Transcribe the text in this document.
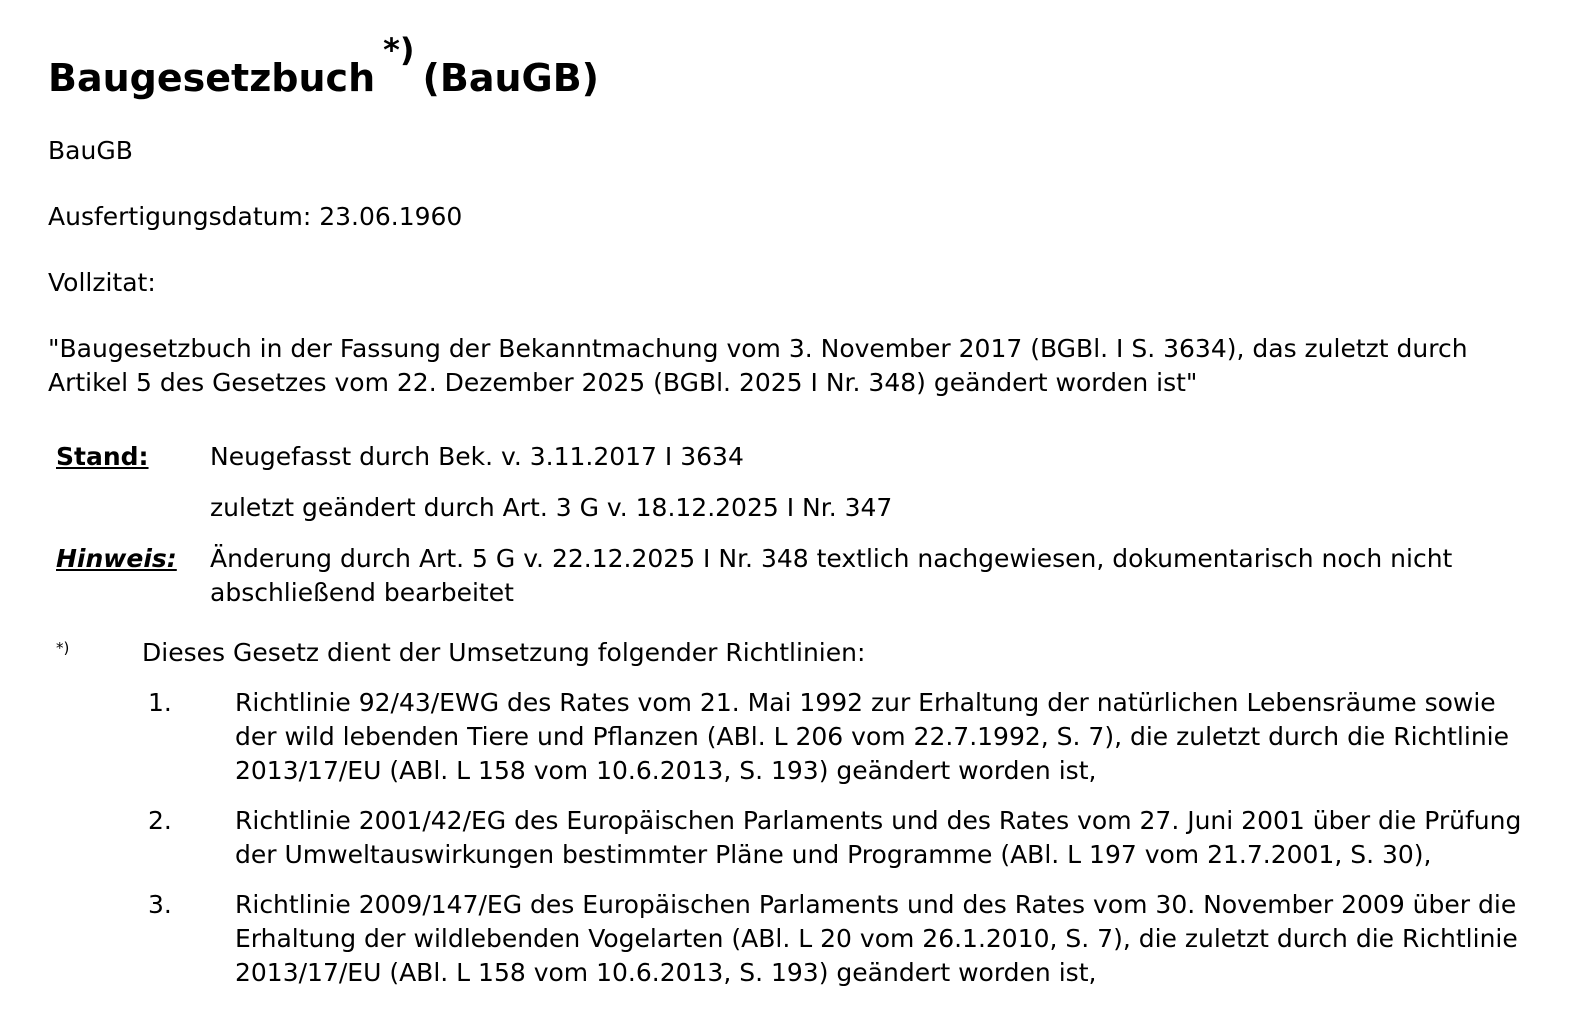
Baugesetzbuch*)(BauGB)

BauGB

Ausfertigungsdatum: 23.06.1960

Vollzitat:

"Baugesetzbuch in der Fassung der Bekanntmachung vom 3. November 2017 (BGBl. I S. 3634), das zuletzt durch Artikel 5 des Gesetzes vom 22. Dezember 2025 (BGBl. 2025 I Nr. 348) geändert worden ist"

Stand:	Neugefasst durch Bek. v. 3.11.2017 I 3634
	zuletzt geändert durch Art. 3 G v. 18.12.2025 I Nr. 347
Hinweis:	Änderung durch Art. 5 G v. 22.12.2025 I Nr. 348 textlich nachgewiesen, dokumentarisch noch nicht abschließend bearbeitet
*)	Dieses Gesetz dient der Umsetzung folgender Richtlinien:
1.	Richtlinie 92/43/EWG des Rates vom 21. Mai 1992 zur Erhaltung der natürlichen Lebensräume sowie der wild lebenden Tiere und Pflanzen (ABl. L 206 vom 22.7.1992, S. 7), die zuletzt durch die Richtlinie 2013/17/EU (ABl. L 158 vom 10.6.2013, S. 193) geändert worden ist,
2.	Richtlinie 2001/42/EG des Europäischen Parlaments und des Rates vom 27. Juni 2001 über die Prüfung der Umweltauswirkungen bestimmter Pläne und Programme (ABl. L 197 vom 21.7.2001, S. 30),
3.	Richtlinie 2009/147/EG des Europäischen Parlaments und des Rates vom 30. November 2009 über die Erhaltung der wildlebenden Vogelarten (ABl. L 20 vom 26.1.2010, S. 7), die zuletzt durch die Richtlinie 2013/17/EU (ABl. L 158 vom 10.6.2013, S. 193) geändert worden ist,
